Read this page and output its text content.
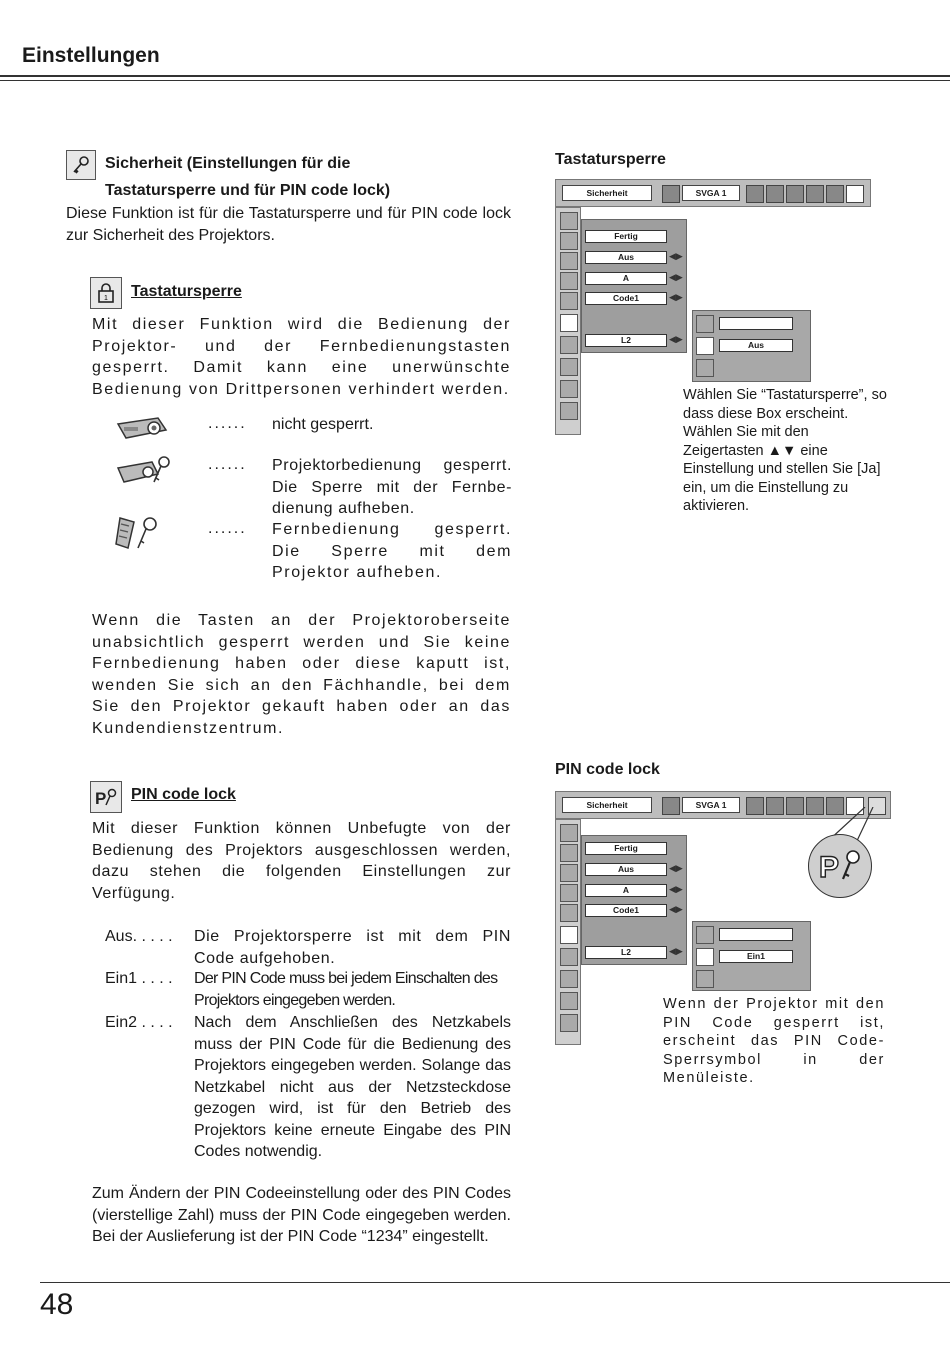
Einstellungen
Sicherheit (Einstellungen für die
Tastatursperre und für PIN code lock)
Diese Funktion ist für die Tastatursperre und für PIN code lock zur Sicherheit des Projektors.
1 Tastatursperre
Mit dieser Funktion wird die Bedienung der Projektor- und der Fernbedienungstasten gesperrt. Damit kann eine unerwünschte Bedienung von Drittpersonen verhindert werden.
...... nicht gesperrt.
...... Projektorbedienung gesperrt. Die Sperre mit der Fernbe-dienung aufheben.
...... Fernbedienung gesperrt. Die Sperre mit dem Projektor aufheben.
Wenn die Tasten an der Projektoroberseite unabsichtlich gesperrt werden und Sie keine Fernbedienung haben oder diese kaputt ist, wenden Sie sich an den Fächhandle, bei dem Sie den Projektor gekauft haben oder an das Kundendienstzentrum.
P PIN code lock
Mit dieser Funktion können Unbefugte von der Bedienung des Projektors ausgeschlossen werden, dazu stehen die folgenden Einstellungen zur Verfügung.
Aus. . . . . Die Projektorsperre ist mit dem PIN Code aufgehoben.
Ein1 . . . . Der PIN Code muss bei jedem Einschalten des Projektors eingegeben werden.
Ein2 . . . . Nach dem Anschließen des Netzkabels muss der PIN Code für die Bedienung des Projektors eingegeben werden. Solange das Netzkabel nicht aus der Netzsteckdose gezogen wird, ist für den Betrieb des Projektors keine erneute Eingabe des PIN Codes notwendig.
Zum Ändern der PIN Codeeinstellung oder des PIN Codes (vierstellige Zahl) muss der PIN Code eingegeben werden. Bei der Auslieferung ist der PIN Code “1234” eingestellt.
Tastatursperre
Sicherheit	SVGA 1
Fertig
Aus	◀▶
A	◀▶
Code1	◀▶
L2	◀▶
Aus
Wählen Sie “Tastatursperre”, so dass diese Box erscheint. Wählen Sie mit den Zeigertasten ▲▼ eine Einstellung und stellen Sie [Ja] ein, um die Einstellung zu aktivieren.
PIN code lock
Sicherheit	SVGA 1
Fertig
Aus	◀▶
A	◀▶
Code1	◀▶
L2	◀▶	Ein1
P
Wenn der Projektor mit den PIN Code gesperrt ist, erscheint das PIN Code-Sperrsymbol in der Menüleiste.
48
